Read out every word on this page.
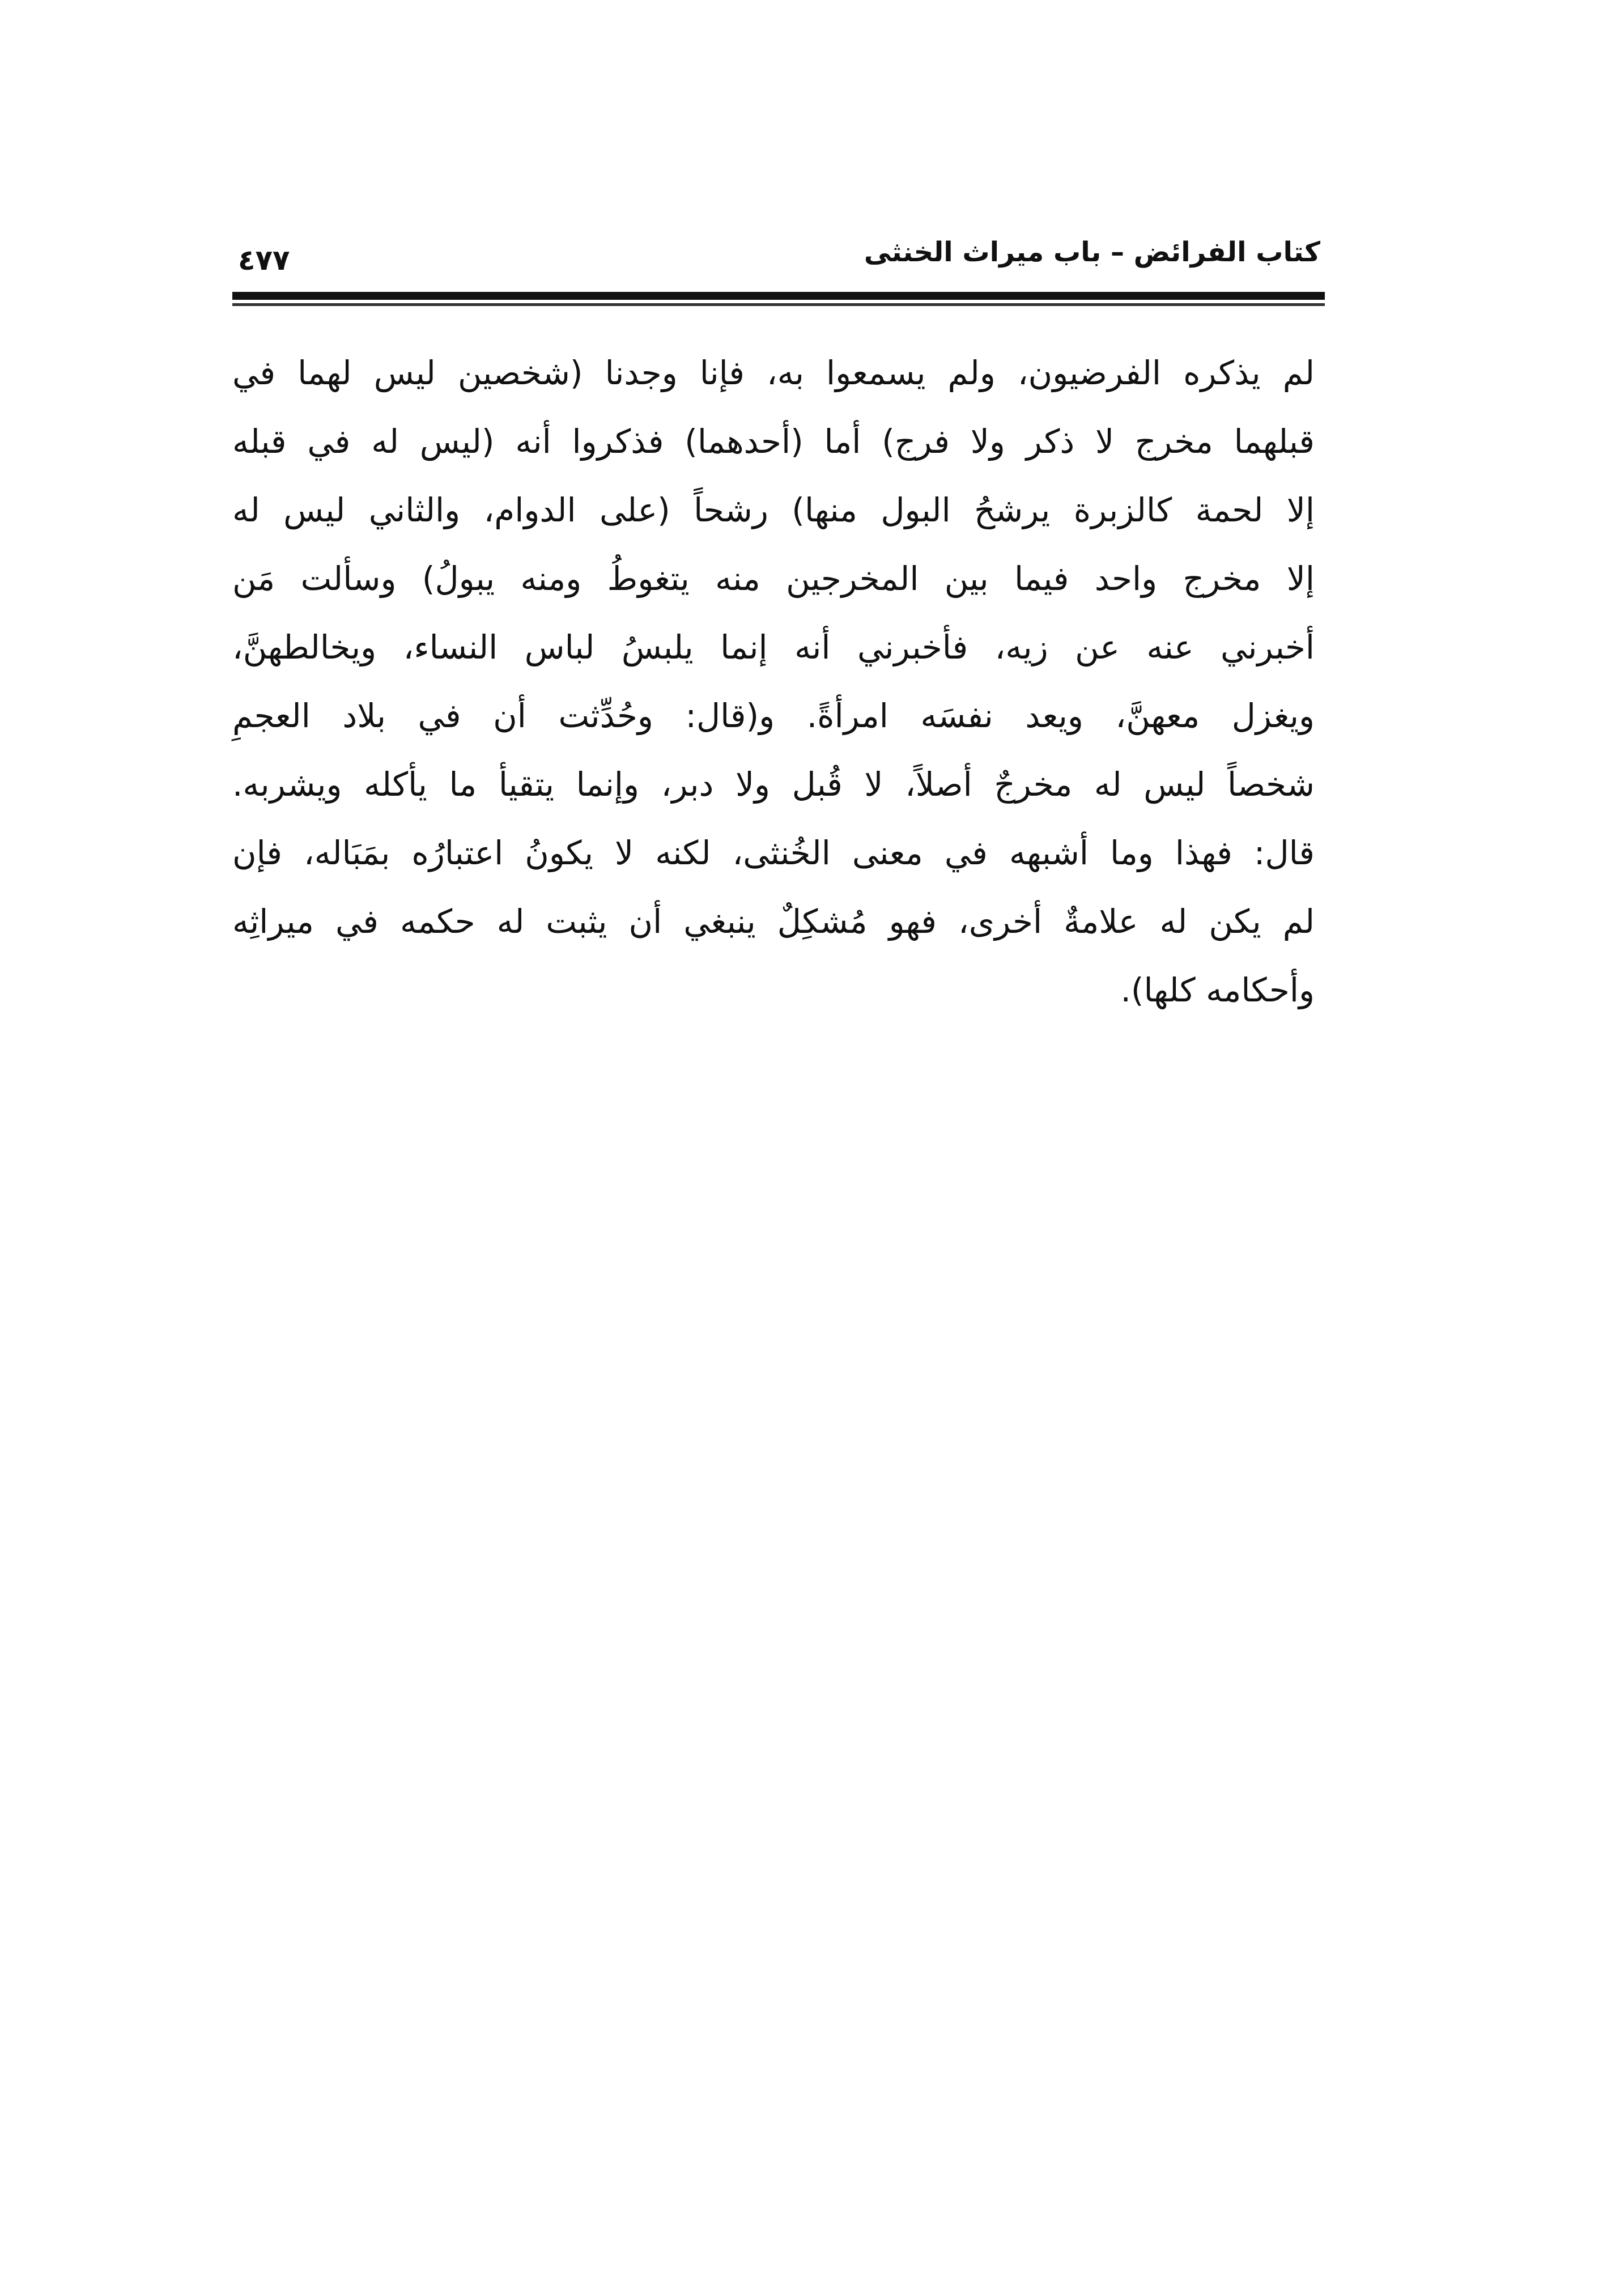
كتاب الفرائض – باب ميراث الخنثى
٤٧٧
لم يذكره الفرضيون، ولم يسمعوا به، فإنا وجدنا (شخصين ليس لهما في
قبلهما مخرج لا ذكر ولا فرج) أما (أحدهما) فذكروا أنه (ليس له في قبله
إلا لحمة كالزبرة يرشحُ البول منها) رشحاً (على الدوام، والثاني ليس له
إلا مخرج واحد فيما بين المخرجين منه يتغوطُ ومنه يبولُ) وسألت مَن
أخبرني عنه عن زيه، فأخبرني أنه إنما يلبسُ لباس النساء، ويخالطهنَّ،
ويغزل معهنَّ، ويعد نفسَه امرأةً. و(قال: وحُدِّثت أن في بلاد العجمِ
شخصاً ليس له مخرجٌ أصلاً، لا قُبل ولا دبر، وإنما يتقيأ ما يأكله ويشربه.
قال: فهذا وما أشبهه في معنى الخُنثى، لكنه لا يكونُ اعتبارُه بمَبَاله، فإن
لم يكن له علامةٌ أخرى، فهو مُشكِلٌ ينبغي أن يثبت له حكمه في ميراثِه
وأحكامه كلها).
